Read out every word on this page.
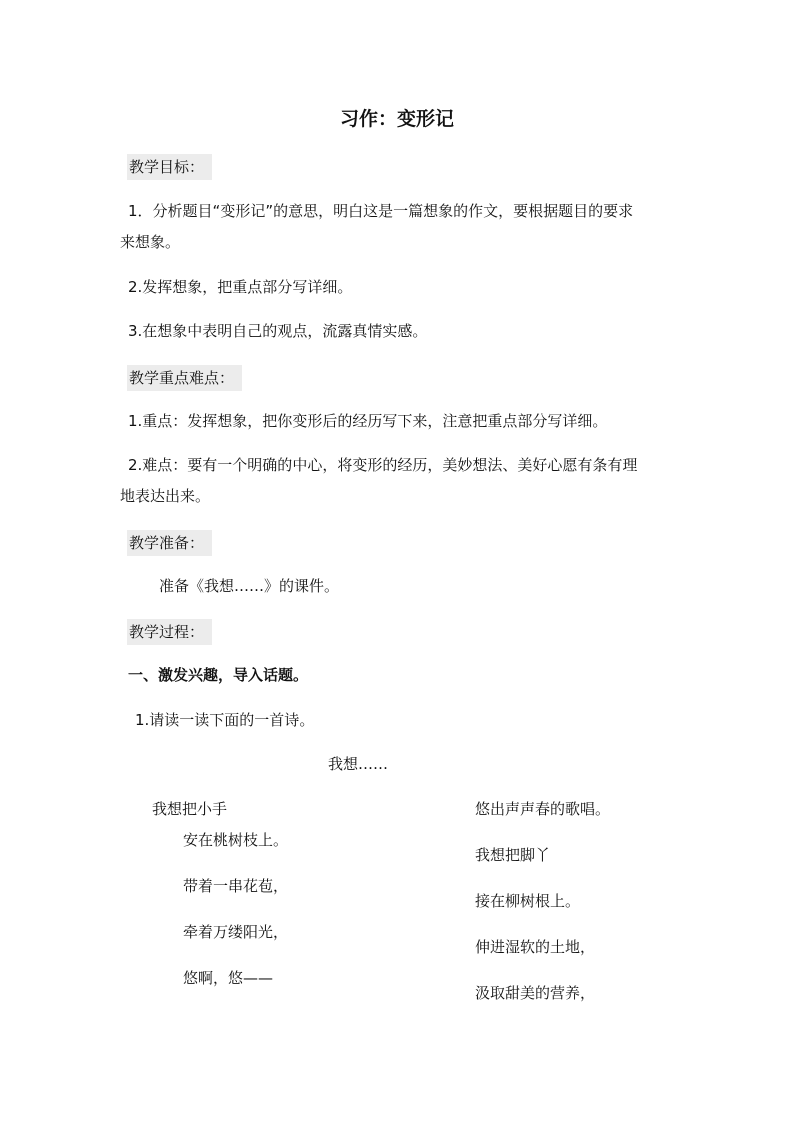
习作：变形记
教学目标：
1．分析题目“变形记”的意思，明白这是一篇想象的作文，要根据题目的要求
来想象。
2.发挥想象，把重点部分写详细。
3.在想象中表明自己的观点，流露真情实感。
教学重点难点：
1.重点：发挥想象，把你变形后的经历写下来，注意把重点部分写详细。
2.难点：要有一个明确的中心，将变形的经历，美妙想法、美好心愿有条有理
地表达出来。
教学准备：
准备《我想……》的课件。
教学过程：
一、激发兴趣，导入话题。
1.请读一读下面的一首诗。
我想……
我想把小手
安在桃树枝上。
带着一串花苞，
牵着万缕阳光，
悠啊，悠——
悠出声声春的歌唱。
我想把脚丫
接在柳树根上。
伸进湿软的土地，
汲取甜美的营养，
